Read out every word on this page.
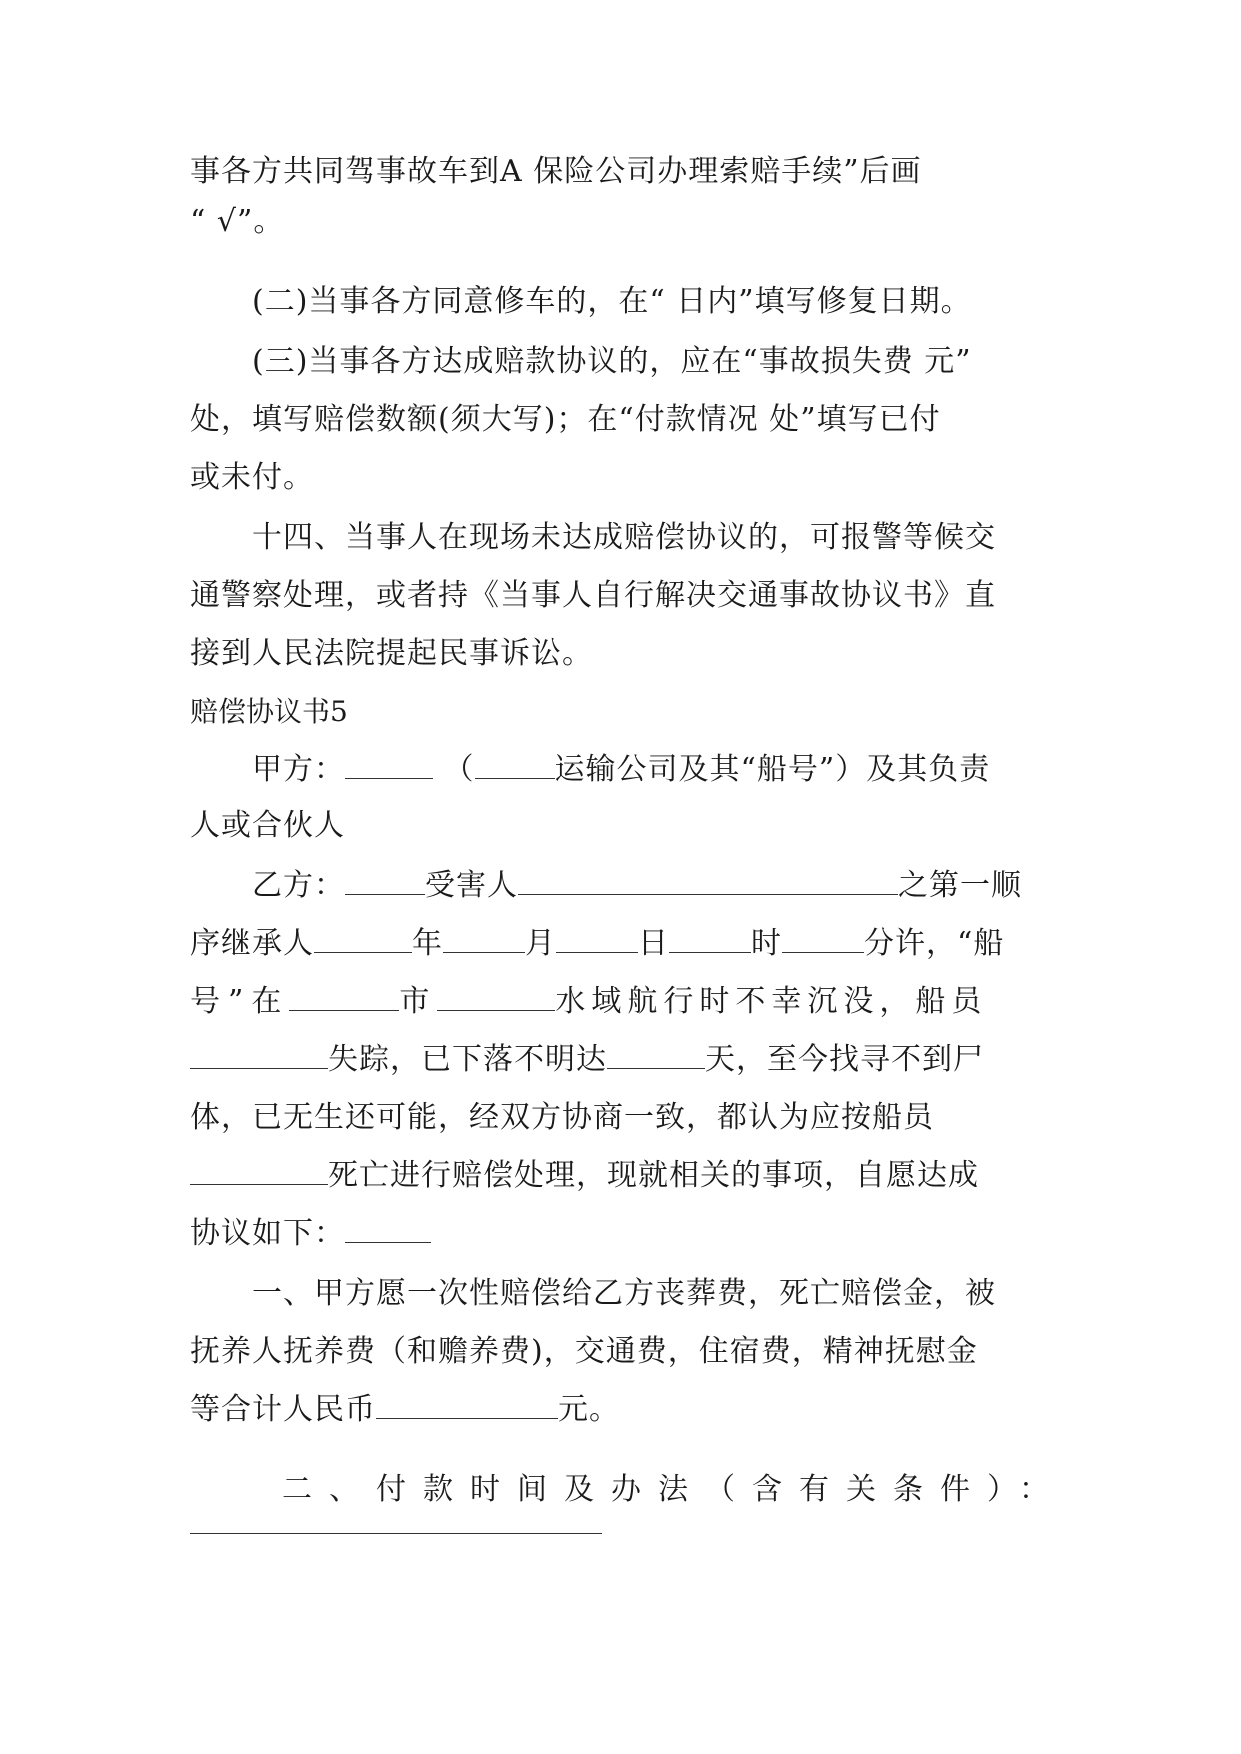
事各方共同驾事故车到A 保险公司办理索赔手续”后画
“ √”。
(二)当事各方同意修车的，在“ 日内”填写修复日期。
(三)当事各方达成赔款协议的，应在“事故损失费 元”
处，填写赔偿数额(须大写)；在“付款情况 处”填写已付
或未付。
十四、当事人在现场未达成赔偿协议的，可报警等候交
通警察处理，或者持《当事人自行解决交通事故协议书》直
接到人民法院提起民事诉讼。
赔偿协议书5
甲方：	（	运输公司及其“船号”）及其负责
人或合伙人
乙方：	受害人	之第一顺
序继承人	年	月	日	时	分许，“船
号”在	市	水域航行时不幸沉没，船员
失踪，已下落不明达	天，至今找寻不到尸
体，已无生还可能，经双方协商一致，都认为应按船员
死亡进行赔偿处理，现就相关的事项，自愿达成
协议如下：
一、甲方愿一次性赔偿给乙方丧葬费，死亡赔偿金，被
抚养人抚养费（和赡养费)，交通费，住宿费，精神抚慰金
等合计人民币	元。
二、付款时间及办法（含有关条件）：
